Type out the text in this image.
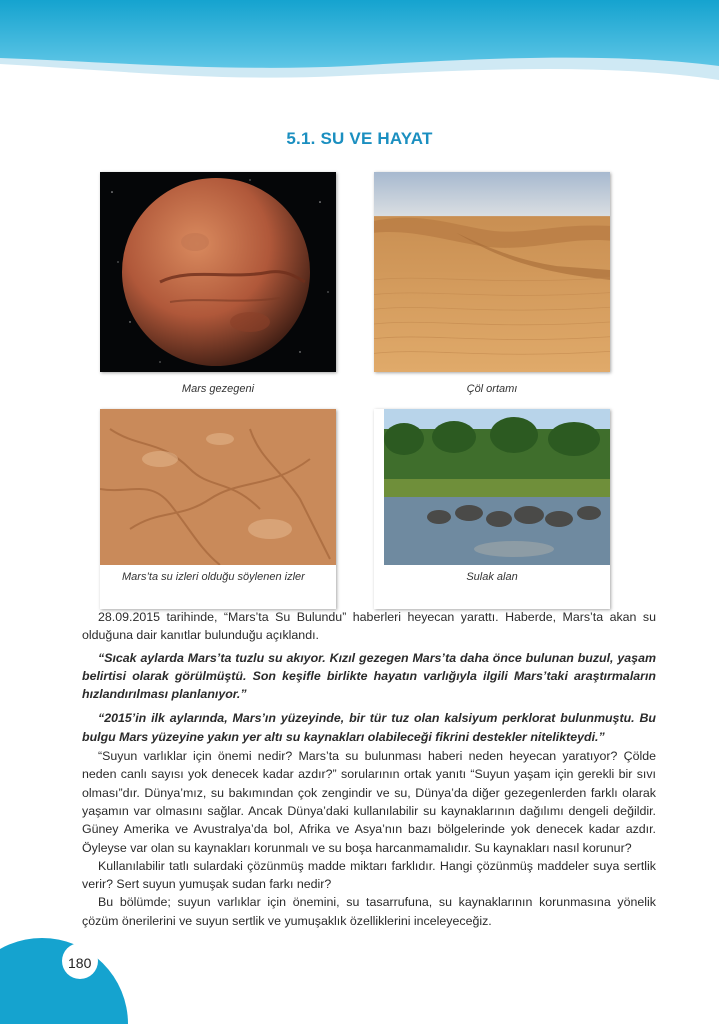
5.1. SU VE HAYAT
Mars gezegeni	Çöl ortamı
Mars’ta su izleri olduğu söylenen izler	Sulak alan

28.09.2015 tarihinde, “Mars’ta Su Bulundu” haberleri heyecan yarattı. Haberde, Mars’ta akan su olduğuna dair kanıtlar bulunduğu açıklandı.

“Sıcak aylarda Mars’ta tuzlu su akıyor. Kızıl gezegen Mars’ta daha önce bulunan buzul, yaşam belirtisi olarak görülmüştü. Son keşifle birlikte hayatın varlığıyla ilgili Mars’taki araştırmaların hızlandırılması planlanıyor.”

“2015’in ilk aylarında, Mars’ın yüzeyinde, bir tür tuz olan kalsiyum perklorat bulunmuştu. Bu bulgu Mars yüzeyine yakın yer altı su kaynakları olabileceği fikrini destekler nitelikteydi.”

“Suyun varlıklar için önemi nedir? Mars’ta su bulunması haberi neden heyecan yaratıyor? Çölde neden canlı sayısı yok denecek kadar azdır?” sorularının ortak yanıtı “Suyun yaşam için gerekli bir sıvı olması”dır. Dünya’mız, su bakımından çok zengindir ve su, Dünya’da diğer gezegenlerden farklı olarak yaşamın var olmasını sağlar. Ancak Dünya’daki kullanılabilir su kaynaklarının dağılımı dengeli değildir. Güney Amerika ve Avustralya’da bol, Afrika ve Asya’nın bazı bölgelerinde yok denecek kadar azdır. Öyleyse var olan su kaynakları korunmalı ve su boşa harcanmamalıdır. Su kaynakları nasıl korunur?

Kullanılabilir tatlı sulardaki çözünmüş madde miktarı farklıdır. Hangi çözünmüş maddeler suya sertlik verir? Sert suyun yumuşak sudan farkı nedir?

Bu bölümde; suyun varlıklar için önemini, su tasarrufuna, su kaynaklarının korunmasına yönelik çözüm önerilerini ve suyun sertlik ve yumuşaklık özelliklerini inceleyeceğiz.

180
